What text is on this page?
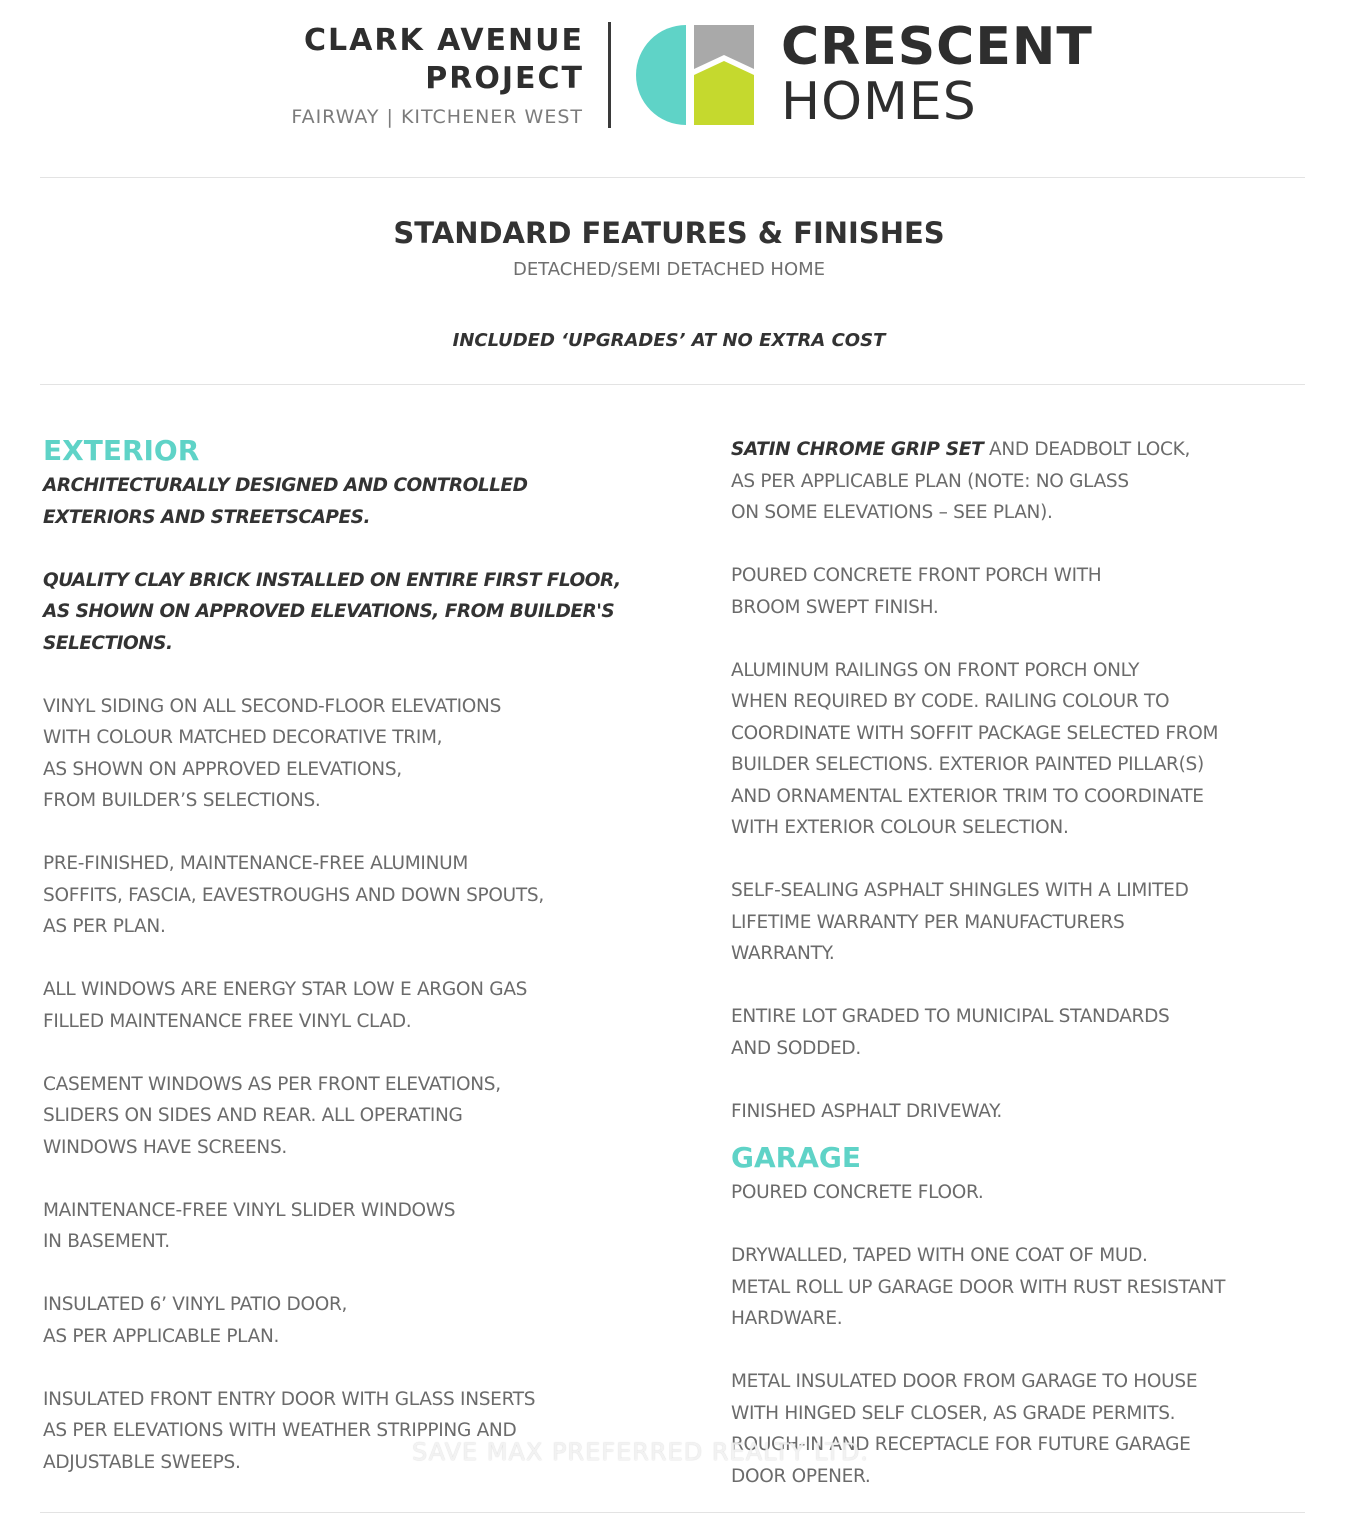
CLARK AVENUE
PROJECT
FAIRWAY | KITCHENER WEST
CRESCENT
HOMES
STANDARD FEATURES & FINISHES
DETACHED/SEMI DETACHED HOME
INCLUDED ‘UPGRADES’ AT NO EXTRA COST
EXTERIOR

ARCHITECTURALLY DESIGNED AND CONTROLLED
EXTERIORS AND STREETSCAPES.

QUALITY CLAY BRICK INSTALLED ON ENTIRE FIRST FLOOR,
AS SHOWN ON APPROVED ELEVATIONS, FROM BUILDER'S
SELECTIONS.

VINYL SIDING ON ALL SECOND-FLOOR ELEVATIONS
WITH COLOUR MATCHED DECORATIVE TRIM,
AS SHOWN ON APPROVED ELEVATIONS,
FROM BUILDER’S SELECTIONS.

PRE-FINISHED, MAINTENANCE-FREE ALUMINUM
SOFFITS, FASCIA, EAVESTROUGHS AND DOWN SPOUTS,
AS PER PLAN.

ALL WINDOWS ARE ENERGY STAR LOW E ARGON GAS
FILLED MAINTENANCE FREE VINYL CLAD.

CASEMENT WINDOWS AS PER FRONT ELEVATIONS,
SLIDERS ON SIDES AND REAR. ALL OPERATING
WINDOWS HAVE SCREENS.

MAINTENANCE-FREE VINYL SLIDER WINDOWS
IN BASEMENT.

INSULATED 6’ VINYL PATIO DOOR,
AS PER APPLICABLE PLAN.

INSULATED FRONT ENTRY DOOR WITH GLASS INSERTS
AS PER ELEVATIONS WITH WEATHER STRIPPING AND
ADJUSTABLE SWEEPS.

SATIN CHROME GRIP SET AND DEADBOLT LOCK,
AS PER APPLICABLE PLAN (NOTE: NO GLASS
ON SOME ELEVATIONS – SEE PLAN).

POURED CONCRETE FRONT PORCH WITH
BROOM SWEPT FINISH.

ALUMINUM RAILINGS ON FRONT PORCH ONLY
WHEN REQUIRED BY CODE. RAILING COLOUR TO
COORDINATE WITH SOFFIT PACKAGE SELECTED FROM
BUILDER SELECTIONS. EXTERIOR PAINTED PILLAR(S)
AND ORNAMENTAL EXTERIOR TRIM TO COORDINATE
WITH EXTERIOR COLOUR SELECTION.

SELF-SEALING ASPHALT SHINGLES WITH A LIMITED
LIFETIME WARRANTY PER MANUFACTURERS
WARRANTY.

ENTIRE LOT GRADED TO MUNICIPAL STANDARDS
AND SODDED.

FINISHED ASPHALT DRIVEWAY.

GARAGE

POURED CONCRETE FLOOR.

DRYWALLED, TAPED WITH ONE COAT OF MUD.
METAL ROLL UP GARAGE DOOR WITH RUST RESISTANT
HARDWARE.

METAL INSULATED DOOR FROM GARAGE TO HOUSE
WITH HINGED SELF CLOSER, AS GRADE PERMITS.
ROUGH-IN AND RECEPTACLE FOR FUTURE GARAGE
DOOR OPENER.

SAVE MAX PREFERRED REALTY LTD.
